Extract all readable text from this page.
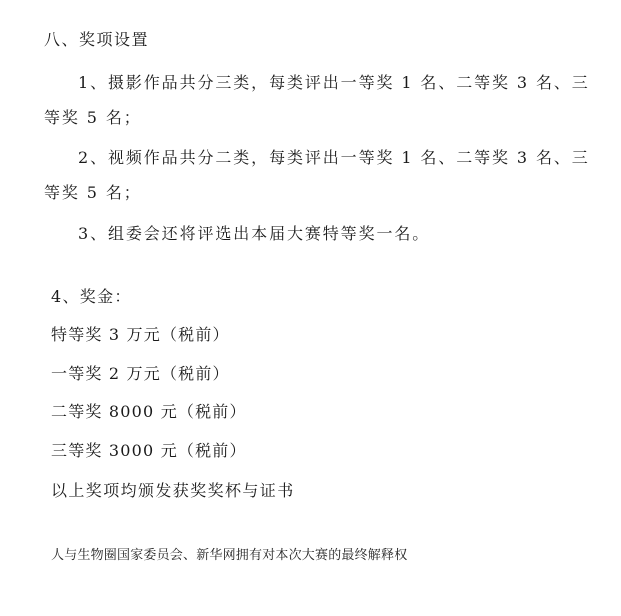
八、奖项设置
1、摄影作品共分三类，每类评出一等奖 1 名、二等奖 3 名、三
等奖 5 名；
2、视频作品共分二类，每类评出一等奖 1 名、二等奖 3 名、三
等奖 5 名；
3、组委会还将评选出本届大赛特等奖一名。
4、奖金：
特等奖 3 万元（税前）
一等奖 2 万元（税前）
二等奖 8000 元（税前）
三等奖 3000 元（税前）
以上奖项均颁发获奖奖杯与证书
人与生物圈国家委员会、新华网拥有对本次大赛的最终解释权
